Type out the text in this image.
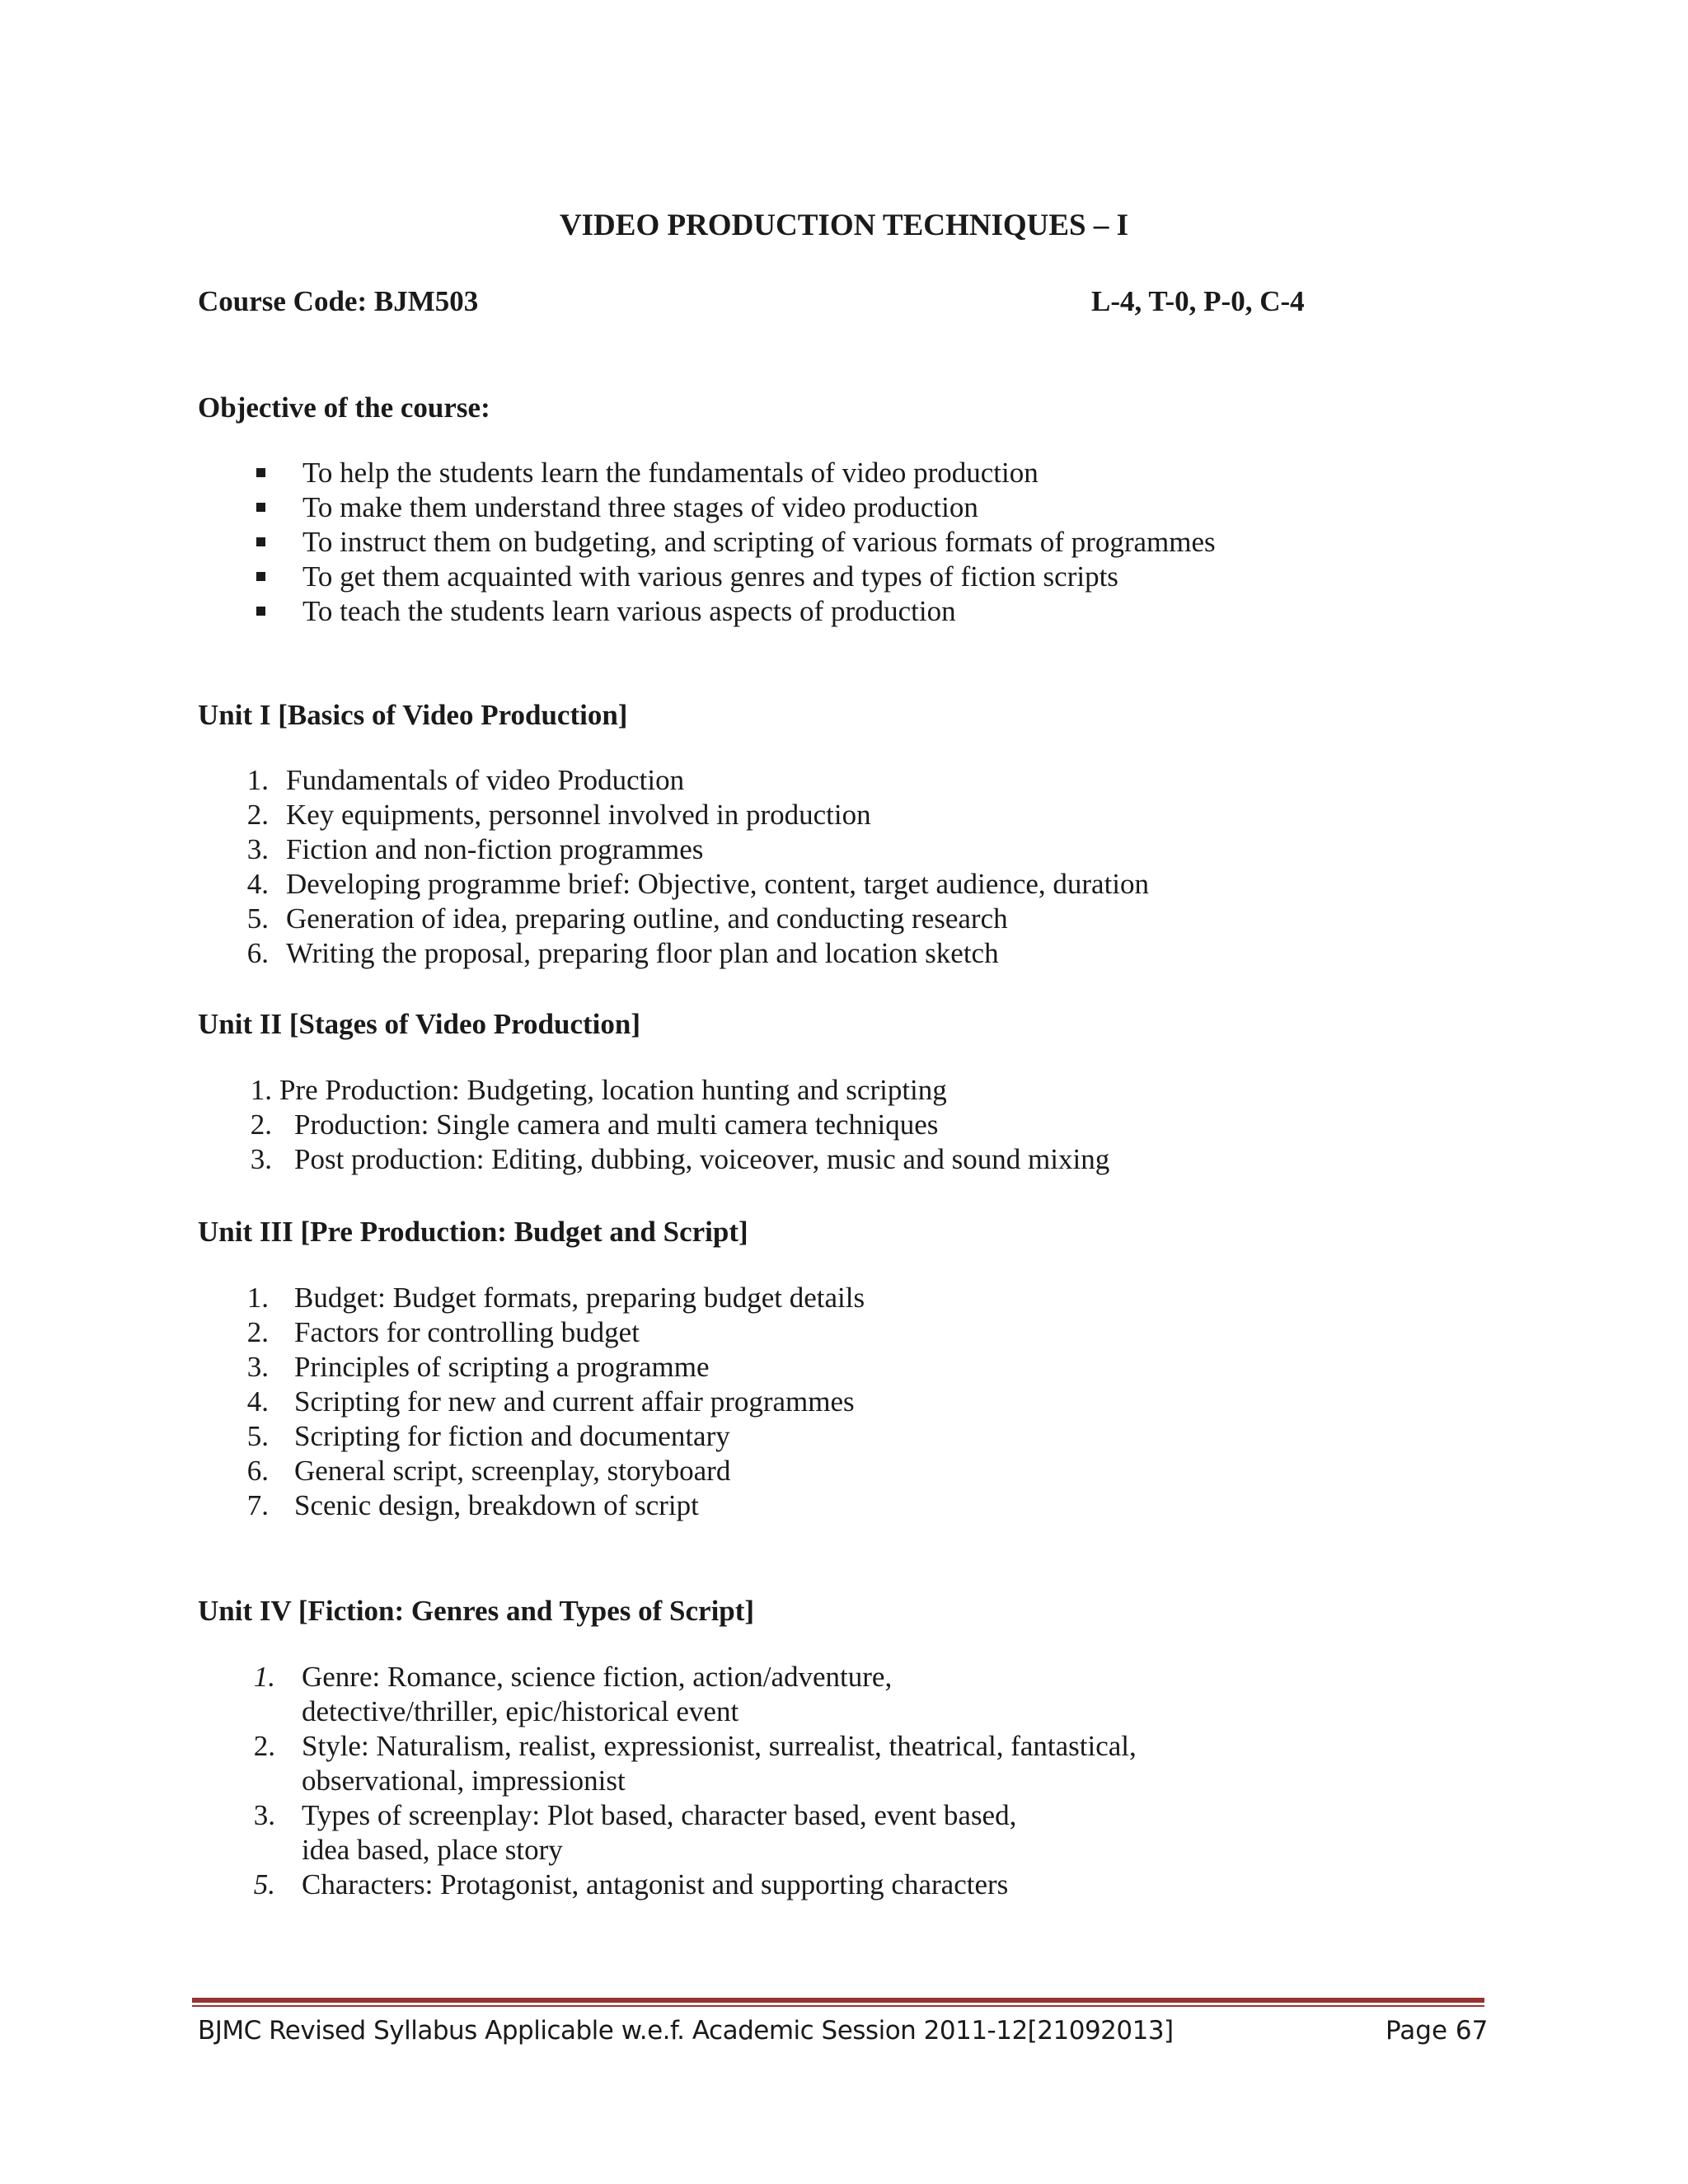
VIDEO PRODUCTION TECHNIQUES – I
Course Code: BJM503	L-4, T-0, P-0, C-4
Objective of the course:
To help the students learn the fundamentals of video production
To make them understand three stages of video production
To instruct them on budgeting, and scripting of various formats of programmes
To get them acquainted with various genres and types of fiction scripts
To teach the students learn various aspects of production
Unit I [Basics of Video Production]
1. Fundamentals of video Production
2. Key equipments, personnel involved in production
3. Fiction and non-fiction programmes
4. Developing programme brief: Objective, content, target audience, duration
5. Generation of idea, preparing outline, and conducting research
6. Writing the proposal, preparing floor plan and location sketch
Unit II [Stages of Video Production]
1. Pre Production: Budgeting, location hunting and scripting
2. Production: Single camera and multi camera techniques
3. Post production: Editing, dubbing, voiceover, music and sound mixing
Unit III [Pre Production: Budget and Script]
1. Budget: Budget formats, preparing budget details
2. Factors for controlling budget
3. Principles of scripting a programme
4. Scripting for new and current affair programmes
5. Scripting for fiction and documentary
6. General script, screenplay, storyboard
7. Scenic design, breakdown of script
Unit IV [Fiction: Genres and Types of Script]
1. Genre: Romance, science fiction, action/adventure,
detective/thriller, epic/historical event
2. Style: Naturalism, realist, expressionist, surrealist, theatrical, fantastical,
observational, impressionist
3. Types of screenplay: Plot based, character based, event based,
idea based, place story
5. Characters: Protagonist, antagonist and supporting characters
BJMC Revised Syllabus Applicable w.e.f. Academic Session 2011-12[21092013]	Page 67
